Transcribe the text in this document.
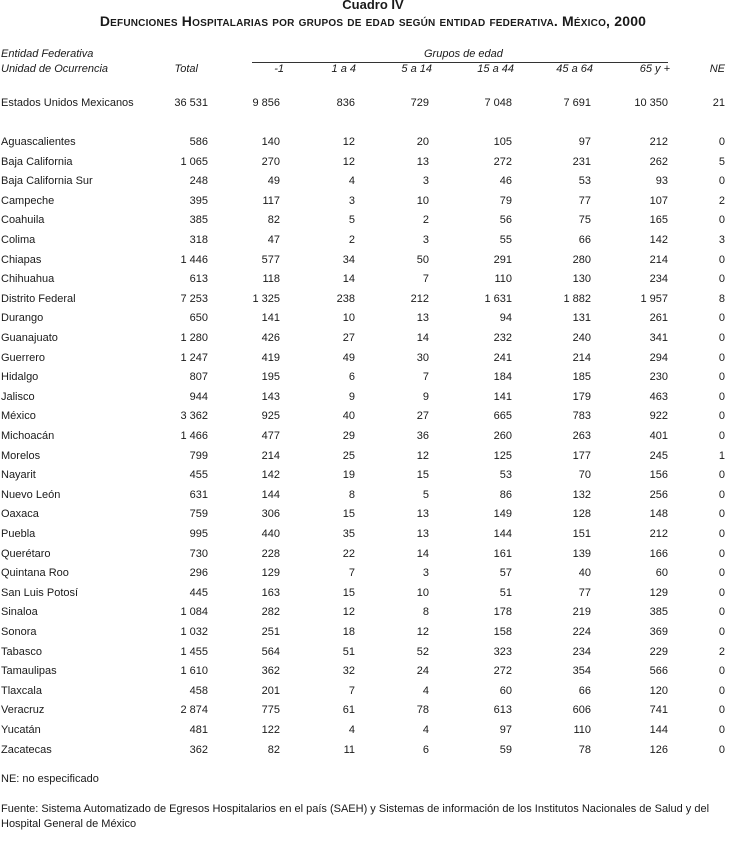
Cuadro IV
Defunciones Hospitalarias por grupos de edad según entidad federativa. México, 2000
Entidad Federativa
Unidad de Ocurrencia
Grupos de edad
Total	-1	1 a 4	5 a 14	15 a 44	45 a 64	65 y +	NE
Estados Unidos Mexicanos	36 531	9 856	836	729	7 048	7 691	10 350	21
Aguascalientes	586	140	12	20	105	97	212	0
Baja California	1 065	270	12	13	272	231	262	5
Baja California Sur	248	49	4	3	46	53	93	0
Campeche	395	117	3	10	79	77	107	2
Coahuila	385	82	5	2	56	75	165	0
Colima	318	47	2	3	55	66	142	3
Chiapas	1 446	577	34	50	291	280	214	0
Chihuahua	613	118	14	7	110	130	234	0
Distrito Federal	7 253	1 325	238	212	1 631	1 882	1 957	8
Durango	650	141	10	13	94	131	261	0
Guanajuato	1 280	426	27	14	232	240	341	0
Guerrero	1 247	419	49	30	241	214	294	0
Hidalgo	807	195	6	7	184	185	230	0
Jalisco	944	143	9	9	141	179	463	0
México	3 362	925	40	27	665	783	922	0
Michoacán	1 466	477	29	36	260	263	401	0
Morelos	799	214	25	12	125	177	245	1
Nayarit	455	142	19	15	53	70	156	0
Nuevo León	631	144	8	5	86	132	256	0
Oaxaca	759	306	15	13	149	128	148	0
Puebla	995	440	35	13	144	151	212	0
Querétaro	730	228	22	14	161	139	166	0
Quintana Roo	296	129	7	3	57	40	60	0
San Luis Potosí	445	163	15	10	51	77	129	0
Sinaloa	1 084	282	12	8	178	219	385	0
Sonora	1 032	251	18	12	158	224	369	0
Tabasco	1 455	564	51	52	323	234	229	2
Tamaulipas	1 610	362	32	24	272	354	566	0
Tlaxcala	458	201	7	4	60	66	120	0
Veracruz	2 874	775	61	78	613	606	741	0
Yucatán	481	122	4	4	97	110	144	0
Zacatecas	362	82	11	6	59	78	126	0
NE: no especificado
Fuente: Sistema Automatizado de Egresos Hospitalarios en el país (SAEH) y Sistemas de información de los Institutos Nacionales de Salud y del Hospital General de México
